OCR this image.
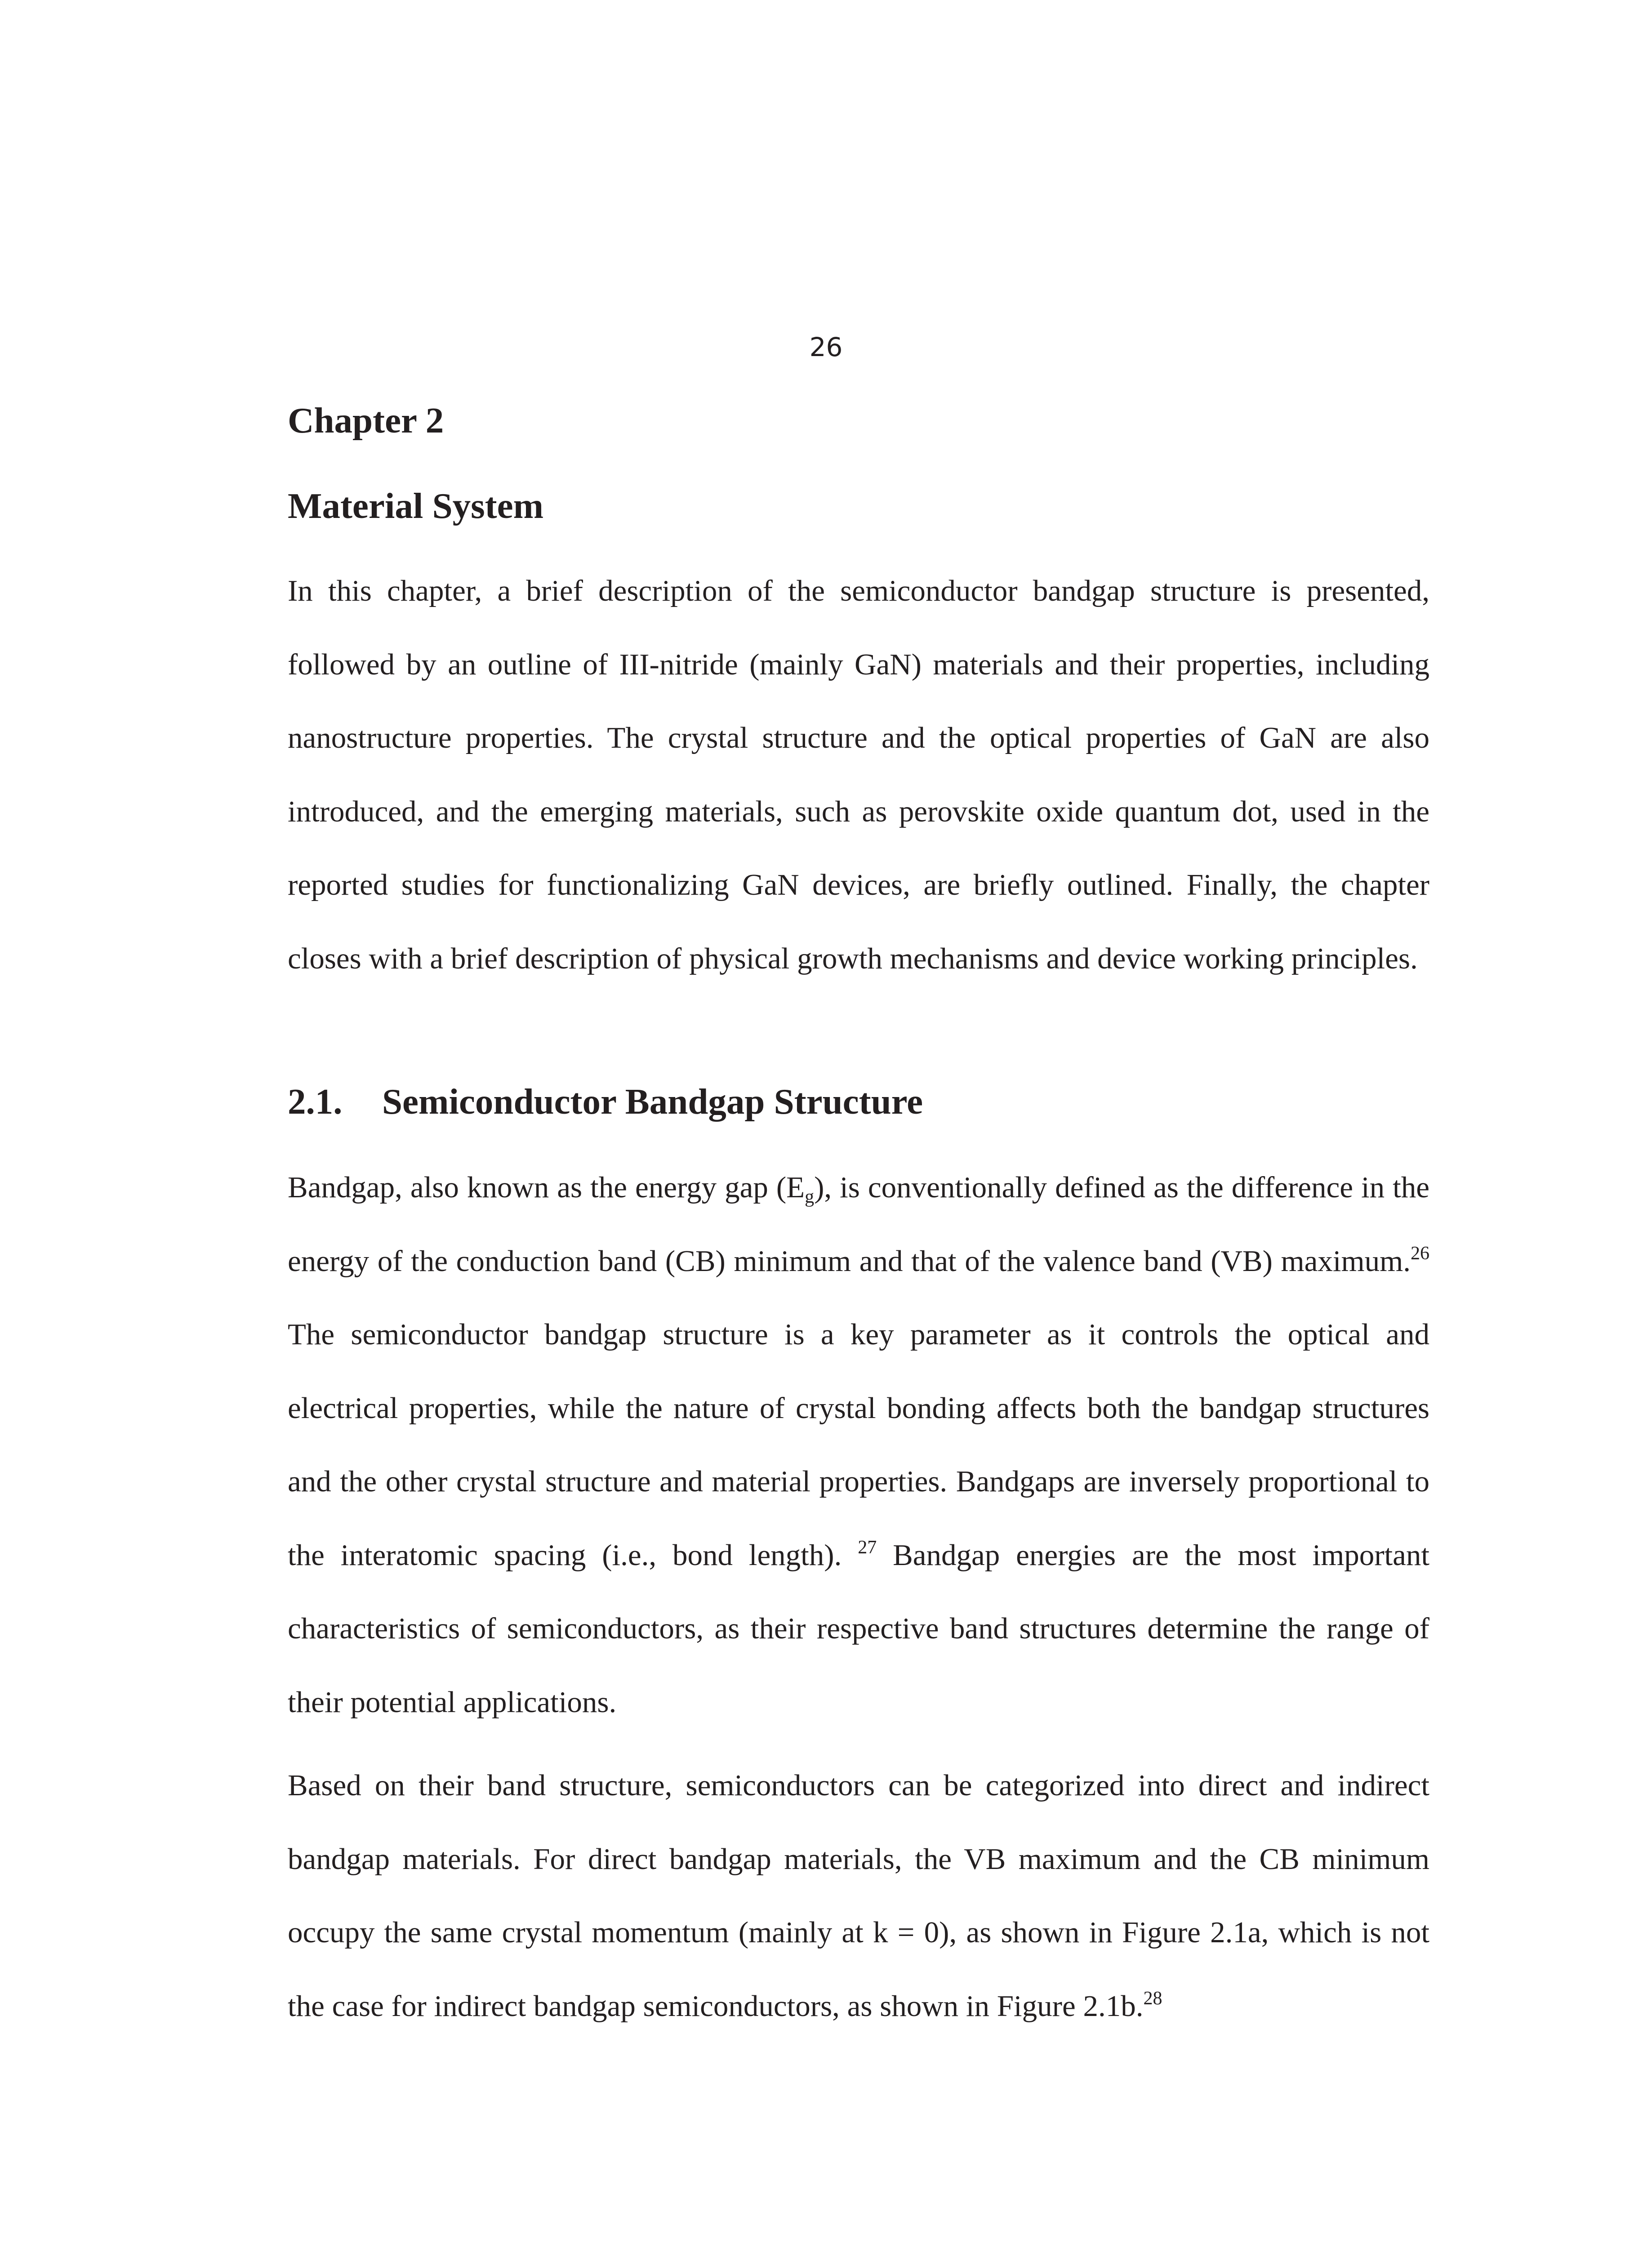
26

Chapter 2
Material System

In this chapter, a brief description of the semiconductor bandgap structure is presented, followed by an outline of III-nitride (mainly GaN) materials and their properties, including nanostructure properties. The crystal structure and the optical properties of GaN are also introduced, and the emerging materials, such as perovskite oxide quantum dot, used in the reported studies for functionalizing GaN devices, are briefly outlined. Finally, the chapter closes with a brief description of physical growth mechanisms and device working principles.

2.1. Semiconductor Bandgap Structure

Bandgap, also known as the energy gap $(E_g)$, is conventionally defined as the difference in the energy of the conduction band (CB) minimum and that of the valence band (VB) maximum.$^{26}$ The semiconductor bandgap structure is a key parameter as it controls the optical and electrical properties, while the nature of crystal bonding affects both the bandgap structures and the other crystal structure and material properties. Bandgaps are inversely proportional to the interatomic spacing (i.e., bond length). $^{27}$ Bandgap energies are the most important characteristics of semiconductors, as their respective band structures determine the range of their potential applications.

Based on their band structure, semiconductors can be categorized into direct and indirect bandgap materials. For direct bandgap materials, the VB maximum and the CB minimum occupy the same crystal momentum (mainly at k = 0), as shown in Figure 2.1a, which is not the case for indirect bandgap semiconductors, as shown in Figure 2.1b.$^{28}$
